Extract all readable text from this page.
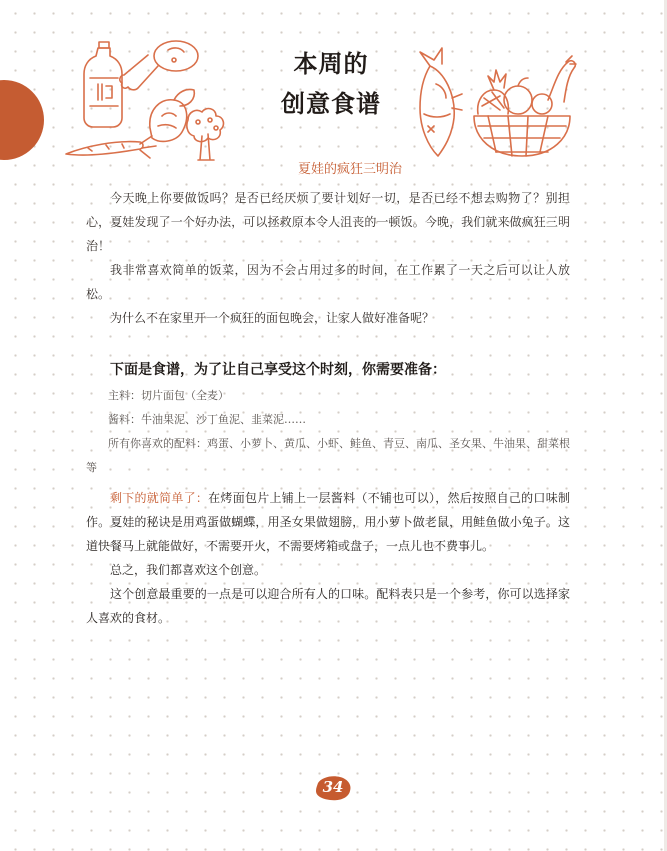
本周的
创意食谱
夏娃的疯狂三明治

今天晚上你要做饭吗？是否已经厌烦了要计划好一切，是否已经不想去购物了？别担心，夏娃发现了一个好办法，可以拯救原本令人沮丧的一顿饭。今晚，我们就来做疯狂三明治！

我非常喜欢简单的饭菜，因为不会占用过多的时间，在工作累了一天之后可以让人放松。

为什么不在家里开一个疯狂的面包晚会，让家人做好准备呢？

下面是食谱，为了让自己享受这个时刻，你需要准备：
主料：切片面包（全麦）
酱料：牛油果泥、沙丁鱼泥、韭菜泥……
所有你喜欢的配料：鸡蛋、小萝卜、黄瓜、小虾、鲑鱼、青豆、南瓜、圣女果、牛油果、甜菜根等

剩下的就简单了：在烤面包片上铺上一层酱料（不铺也可以），然后按照自己的口味制作。夏娃的秘诀是用鸡蛋做蝴蝶，用圣女果做翅膀，用小萝卜做老鼠，用鲑鱼做小兔子。这道快餐马上就能做好，不需要开火，不需要烤箱或盘子，一点儿也不费事儿。

总之，我们都喜欢这个创意。

这个创意最重要的一点是可以迎合所有人的口味。配料表只是一个参考，你可以选择家人喜欢的食材。

34
